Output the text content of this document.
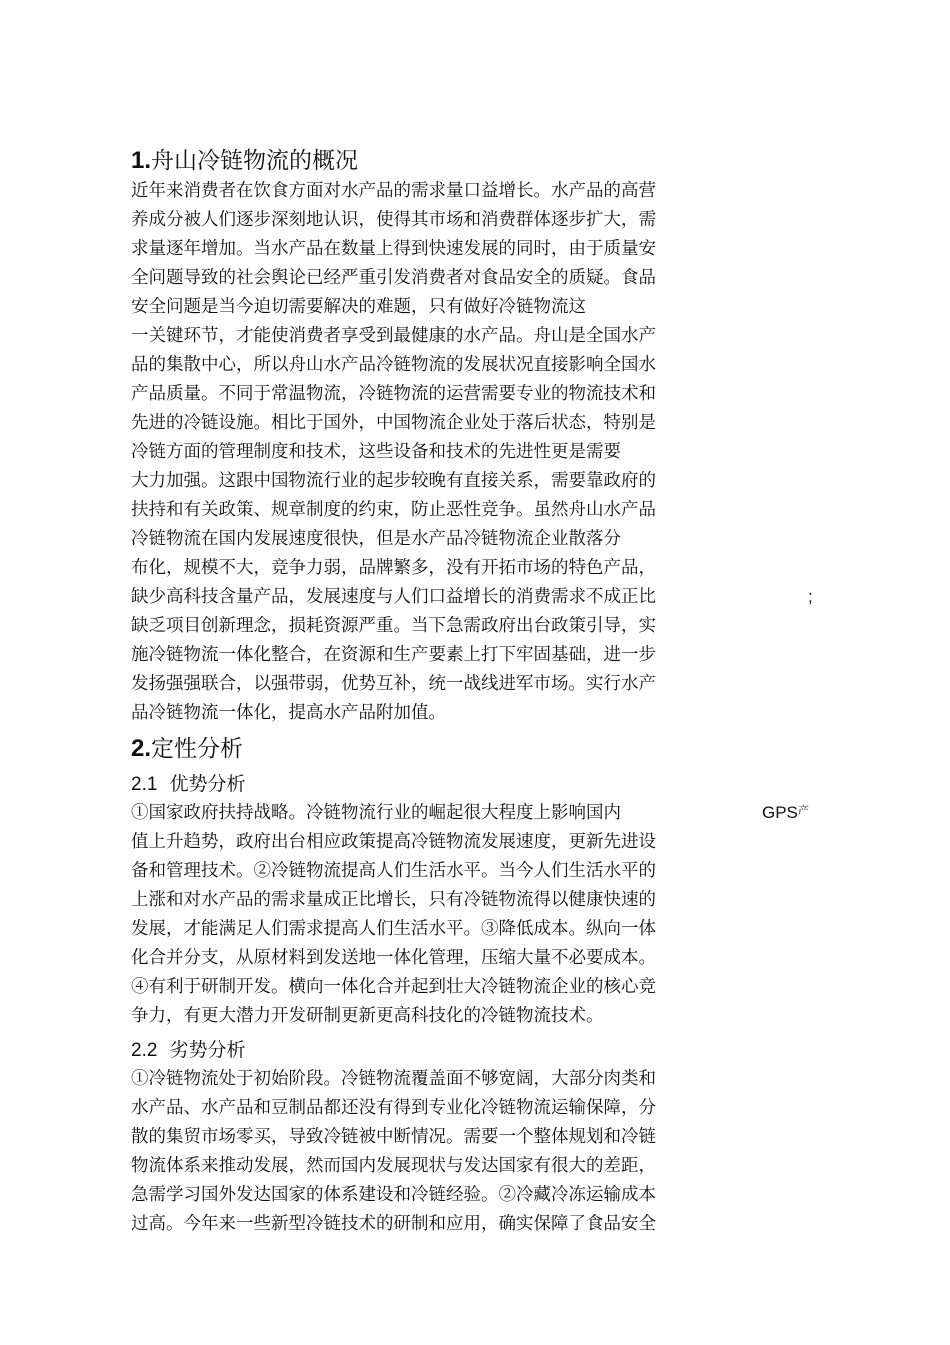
1.舟山冷链物流的概况
近年来消费者在饮食方面对水产品的需求量口益增长。水产品的高营
养成分被人们逐步深刻地认识，使得其市场和消费群体逐步扩大，需
求量逐年增加。当水产品在数量上得到快速发展的同时，由于质量安
全问题导致的社会舆论已经严重引发消费者对食品安全的质疑。食品
安全问题是当今迫切需要解决的难题，只有做好冷链物流这
一关键环节，才能使消费者享受到最健康的水产品。舟山是全国水产
品的集散中心，所以舟山水产品冷链物流的发展状况直接影响全国水
产品质量。不同于常温物流，冷链物流的运营需要专业的物流技术和
先进的冷链设施。相比于国外，中国物流企业处于落后状态，特别是
冷链方面的管理制度和技术，这些设备和技术的先进性更是需要
大力加强。这跟中国物流行业的起步较晚有直接关系，需要靠政府的
扶持和有关政策、规章制度的约束，防止恶性竞争。虽然舟山水产品
冷链物流在国内发展速度很快，但是水产品冷链物流企业散落分
布化，规模不大，竞争力弱，品牌繁多，没有开拓市场的特色产品，
缺少高科技含量产品，发展速度与人们口益增长的消费需求不成正比	;
缺乏项目创新理念，损耗资源严重。当下急需政府出台政策引导，实
施冷链物流一体化整合，在资源和生产要素上打下牢固基础，进一步
发扬强强联合，以强带弱，优势互补，统一战线进军市场。实行水产
品冷链物流一体化，提高水产品附加值。
2.定性分析
2.1 优势分析
①国家政府扶持战略。冷链物流行业的崛起很大程度上影响国内	$GPS^产$
值上升趋势，政府出台相应政策提高冷链物流发展速度，更新先进设
备和管理技术。②冷链物流提高人们生活水平。当今人们生活水平的
上涨和对水产品的需求量成正比增长，只有冷链物流得以健康快速的
发展，才能满足人们需求提高人们生活水平。③降低成本。纵向一体
化合并分支，从原材料到发送地一体化管理，压缩大量不必要成本。
④有利于研制开发。横向一体化合并起到壮大冷链物流企业的核心竞
争力，有更大潜力开发研制更新更高科技化的冷链物流技术。
2.2 劣势分析
①冷链物流处于初始阶段。冷链物流覆盖面不够宽阔，大部分肉类和
水产品、水产品和豆制品都还没有得到专业化冷链物流运输保障，分
散的集贸市场零买，导致冷链被中断情况。需要一个整体规划和冷链
物流体系来推动发展，然而国内发展现状与发达国家有很大的差距，
急需学习国外发达国家的体系建设和冷链经验。②冷藏冷冻运输成本
过高。今年来一些新型冷链技术的研制和应用，确实保障了食品安全
